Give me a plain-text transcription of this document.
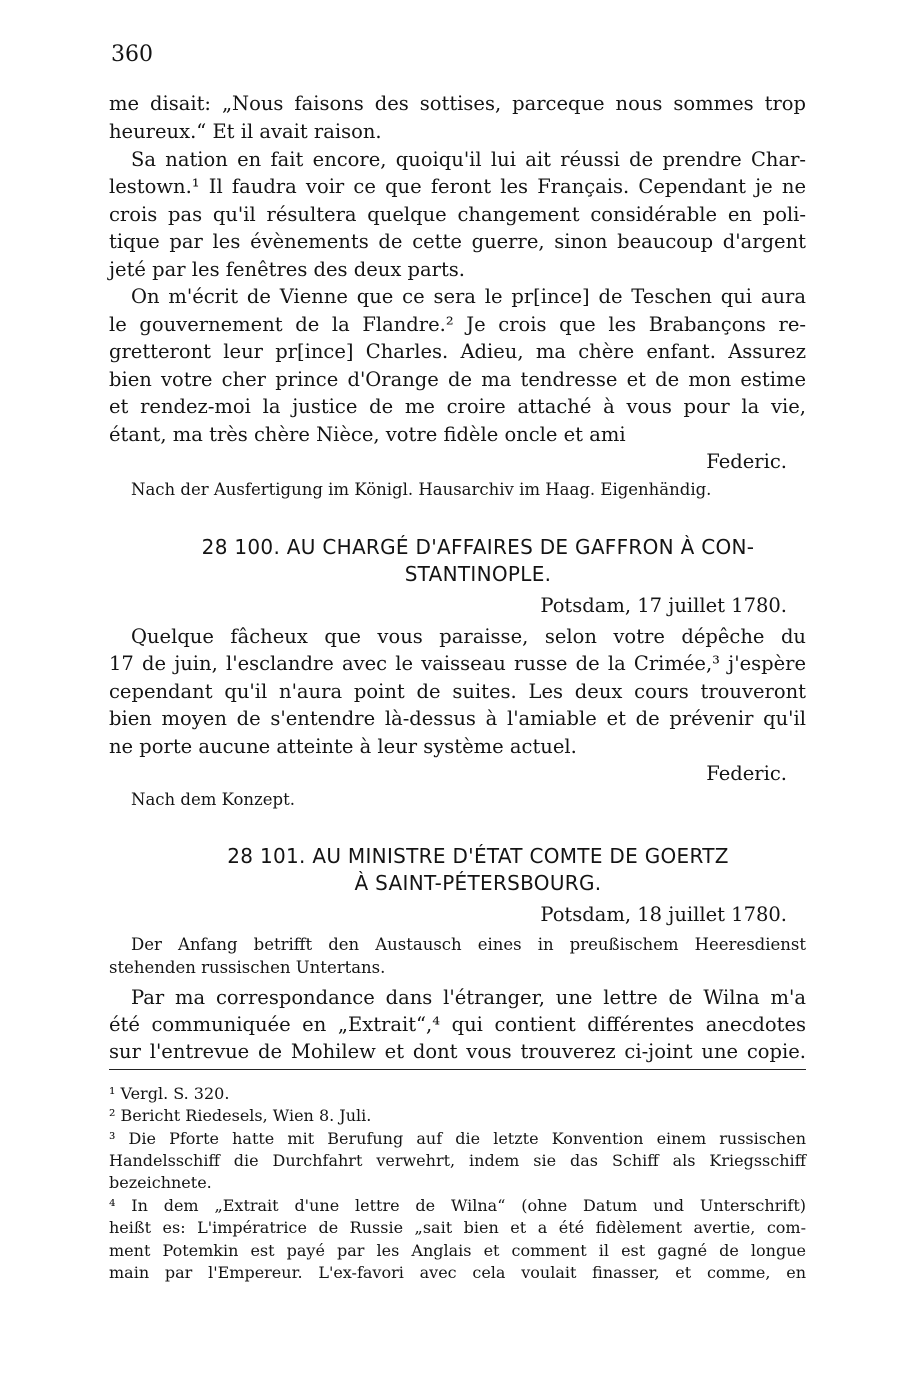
360
me disait: „Nous faisons des sottises, parceque nous sommes trop
heureux.“ Et il avait raison.
Sa nation en fait encore, quoiqu'il lui ait réussi de prendre Char-
lestown.¹ Il faudra voir ce que feront les Français. Cependant je ne
crois pas qu'il résultera quelque changement considérable en poli-
tique par les évènements de cette guerre, sinon beaucoup d'argent
jeté par les fenêtres des deux parts.
On m'écrit de Vienne que ce sera le pr[ince] de Teschen qui aura
le gouvernement de la Flandre.² Je crois que les Brabançons re-
gretteront leur pr[ince] Charles. Adieu, ma chère enfant. Assurez
bien votre cher prince d'Orange de ma tendresse et de mon estime
et rendez-moi la justice de me croire attaché à vous pour la vie,
étant, ma très chère Nièce, votre fidèle oncle et ami
Federic.
Nach der Ausfertigung im Königl. Hausarchiv im Haag. Eigenhändig.
28 100. AU CHARGÉ D'AFFAIRES DE GAFFRON À CON-
STANTINOPLE.
Potsdam, 17 juillet 1780.
Quelque fâcheux que vous paraisse, selon votre dépêche du
17 de juin, l'esclandre avec le vaisseau russe de la Crimée,³ j'espère
cependant qu'il n'aura point de suites. Les deux cours trouveront
bien moyen de s'entendre là-dessus à l'amiable et de prévenir qu'il
ne porte aucune atteinte à leur système actuel.
Federic.
Nach dem Konzept.
28 101. AU MINISTRE D'ÉTAT COMTE DE GOERTZ
À SAINT-PÉTERSBOURG.
Potsdam, 18 juillet 1780.
Der Anfang betrifft den Austausch eines in preußischem Heeresdienst
stehenden russischen Untertans.
Par ma correspondance dans l'étranger, une lettre de Wilna m'a
été communiquée en „Extrait“,⁴ qui contient différentes anecdotes
sur l'entrevue de Mohilew et dont vous trouverez ci-joint une copie.
¹ Vergl. S. 320.
² Bericht Riedesels, Wien 8. Juli.
³ Die Pforte hatte mit Berufung auf die letzte Konvention einem russischen
Handelsschiff die Durchfahrt verwehrt, indem sie das Schiff als Kriegsschiff
bezeichnete.
⁴ In dem „Extrait d'une lettre de Wilna“ (ohne Datum und Unterschrift)
heißt es: L'impératrice de Russie „sait bien et a été fidèlement avertie, com-
ment Potemkin est payé par les Anglais et comment il est gagné de longue
main par l'Empereur. L'ex-favori avec cela voulait finasser, et comme, en
